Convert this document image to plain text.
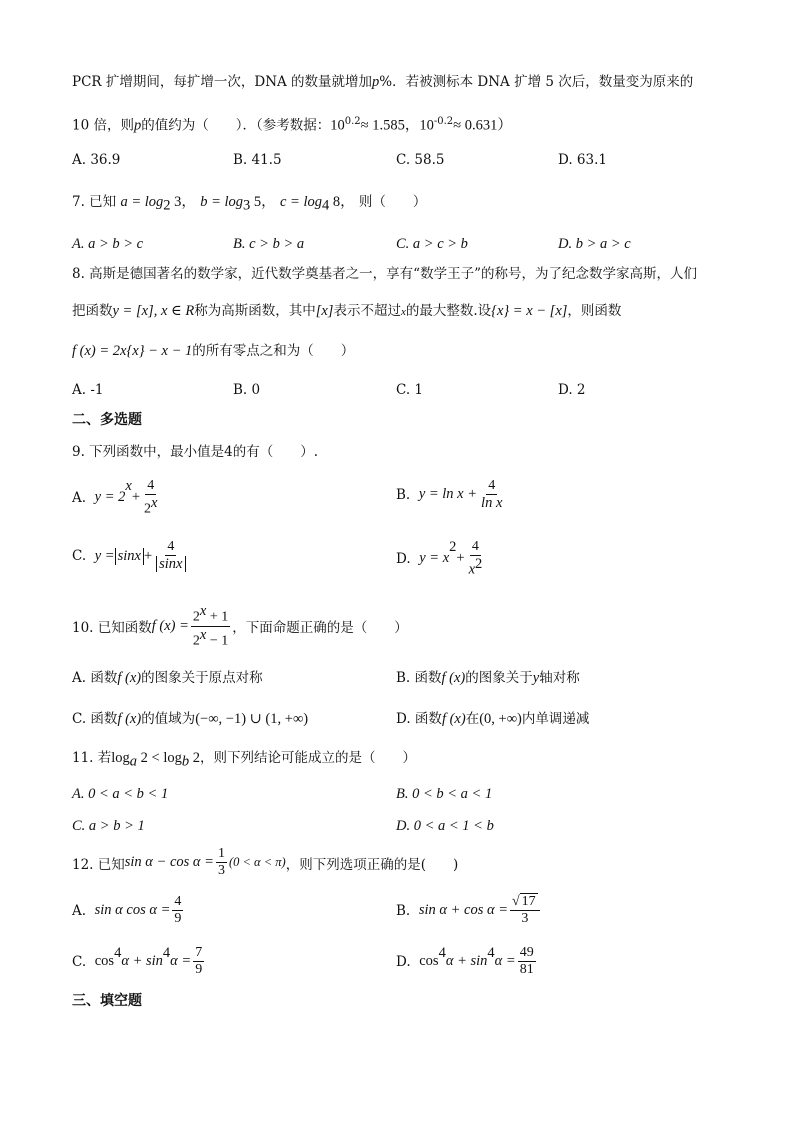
PCR 扩增期间，每扩增一次，DNA 的数量就增加p%．若被测标本 DNA 扩增 5 次后，数量变为原来的
10 倍，则p的值约为（　　）．（参考数据：$10^{0.2}\approx 1.585$，$10^{-0.2}\approx 0.631$）
A. 36.9	B. 41.5	C. 58.5	D. 63.1
7. 已知 $a = \log_2 3$， $b = \log_3 5$， $c = \log_4 8$， 则（　　）
A. a > b > c	B. c > b > a	C. a > c > b	D. b > a > c
8. 高斯是德国著名的数学家，近代数学奠基者之一，享有“数学王子”的称号，为了纪念数学家高斯，人们
把函数y = [x], x ∈ R称为高斯函数，其中[x]表示不超过x的最大整数.设{x} = x − [x]，则函数
f (x) = 2x{x} − x − 1的所有零点之和为（　　）
A. -1	B. 0	C. 1	D. 2
二、多选题
9. 下列函数中，最小值是4的有（　　）.
A.
y = 2
x
+ $\frac{4}{2^x}$	B.
$y = \ln x + \frac{4}{\text{ln x}}$
C.
$y = \sin x + \frac{4}{\sin x}$	D.
y = x
2
+ $\frac{4}{x^2}$
10. 已知函数 f $(x) = \frac{2^x + 1}{2^x - 1}$ ，下面命题正确的是（　　）
A. 函数f (x)的图象关于原点对称	B. 函数f (x)的图象关于y轴对称
C. 函数f (x)的值域为(−∞, −1) ∪ (1, +∞)	D. 函数f (x)在(0, +∞)内单调递减
11. 若$\log_a 2 < \log_b 2$，则下列结论可能成立的是（　　）
A. 0 < a < b < 1	B. 0 < b < a < 1
C. a > b > 1	D. 0 < a < 1 < b
12. 已知 $\sin \alpha - \cos \alpha = \frac{1}{3} (0 < \alpha < \pi)$ ，则下列选项正确的是(　　)
A.
sin α $\cos \alpha = \frac{4}{9}$	B.
$\sin \alpha + \cos \alpha = \frac{√ 17}{3}$
C.
cos
4
α + sin
4
$\alpha = \frac{7}{9}$	D.
cos
4
α + sin
4
$\alpha = \frac{49}{81}$
三、填空题
